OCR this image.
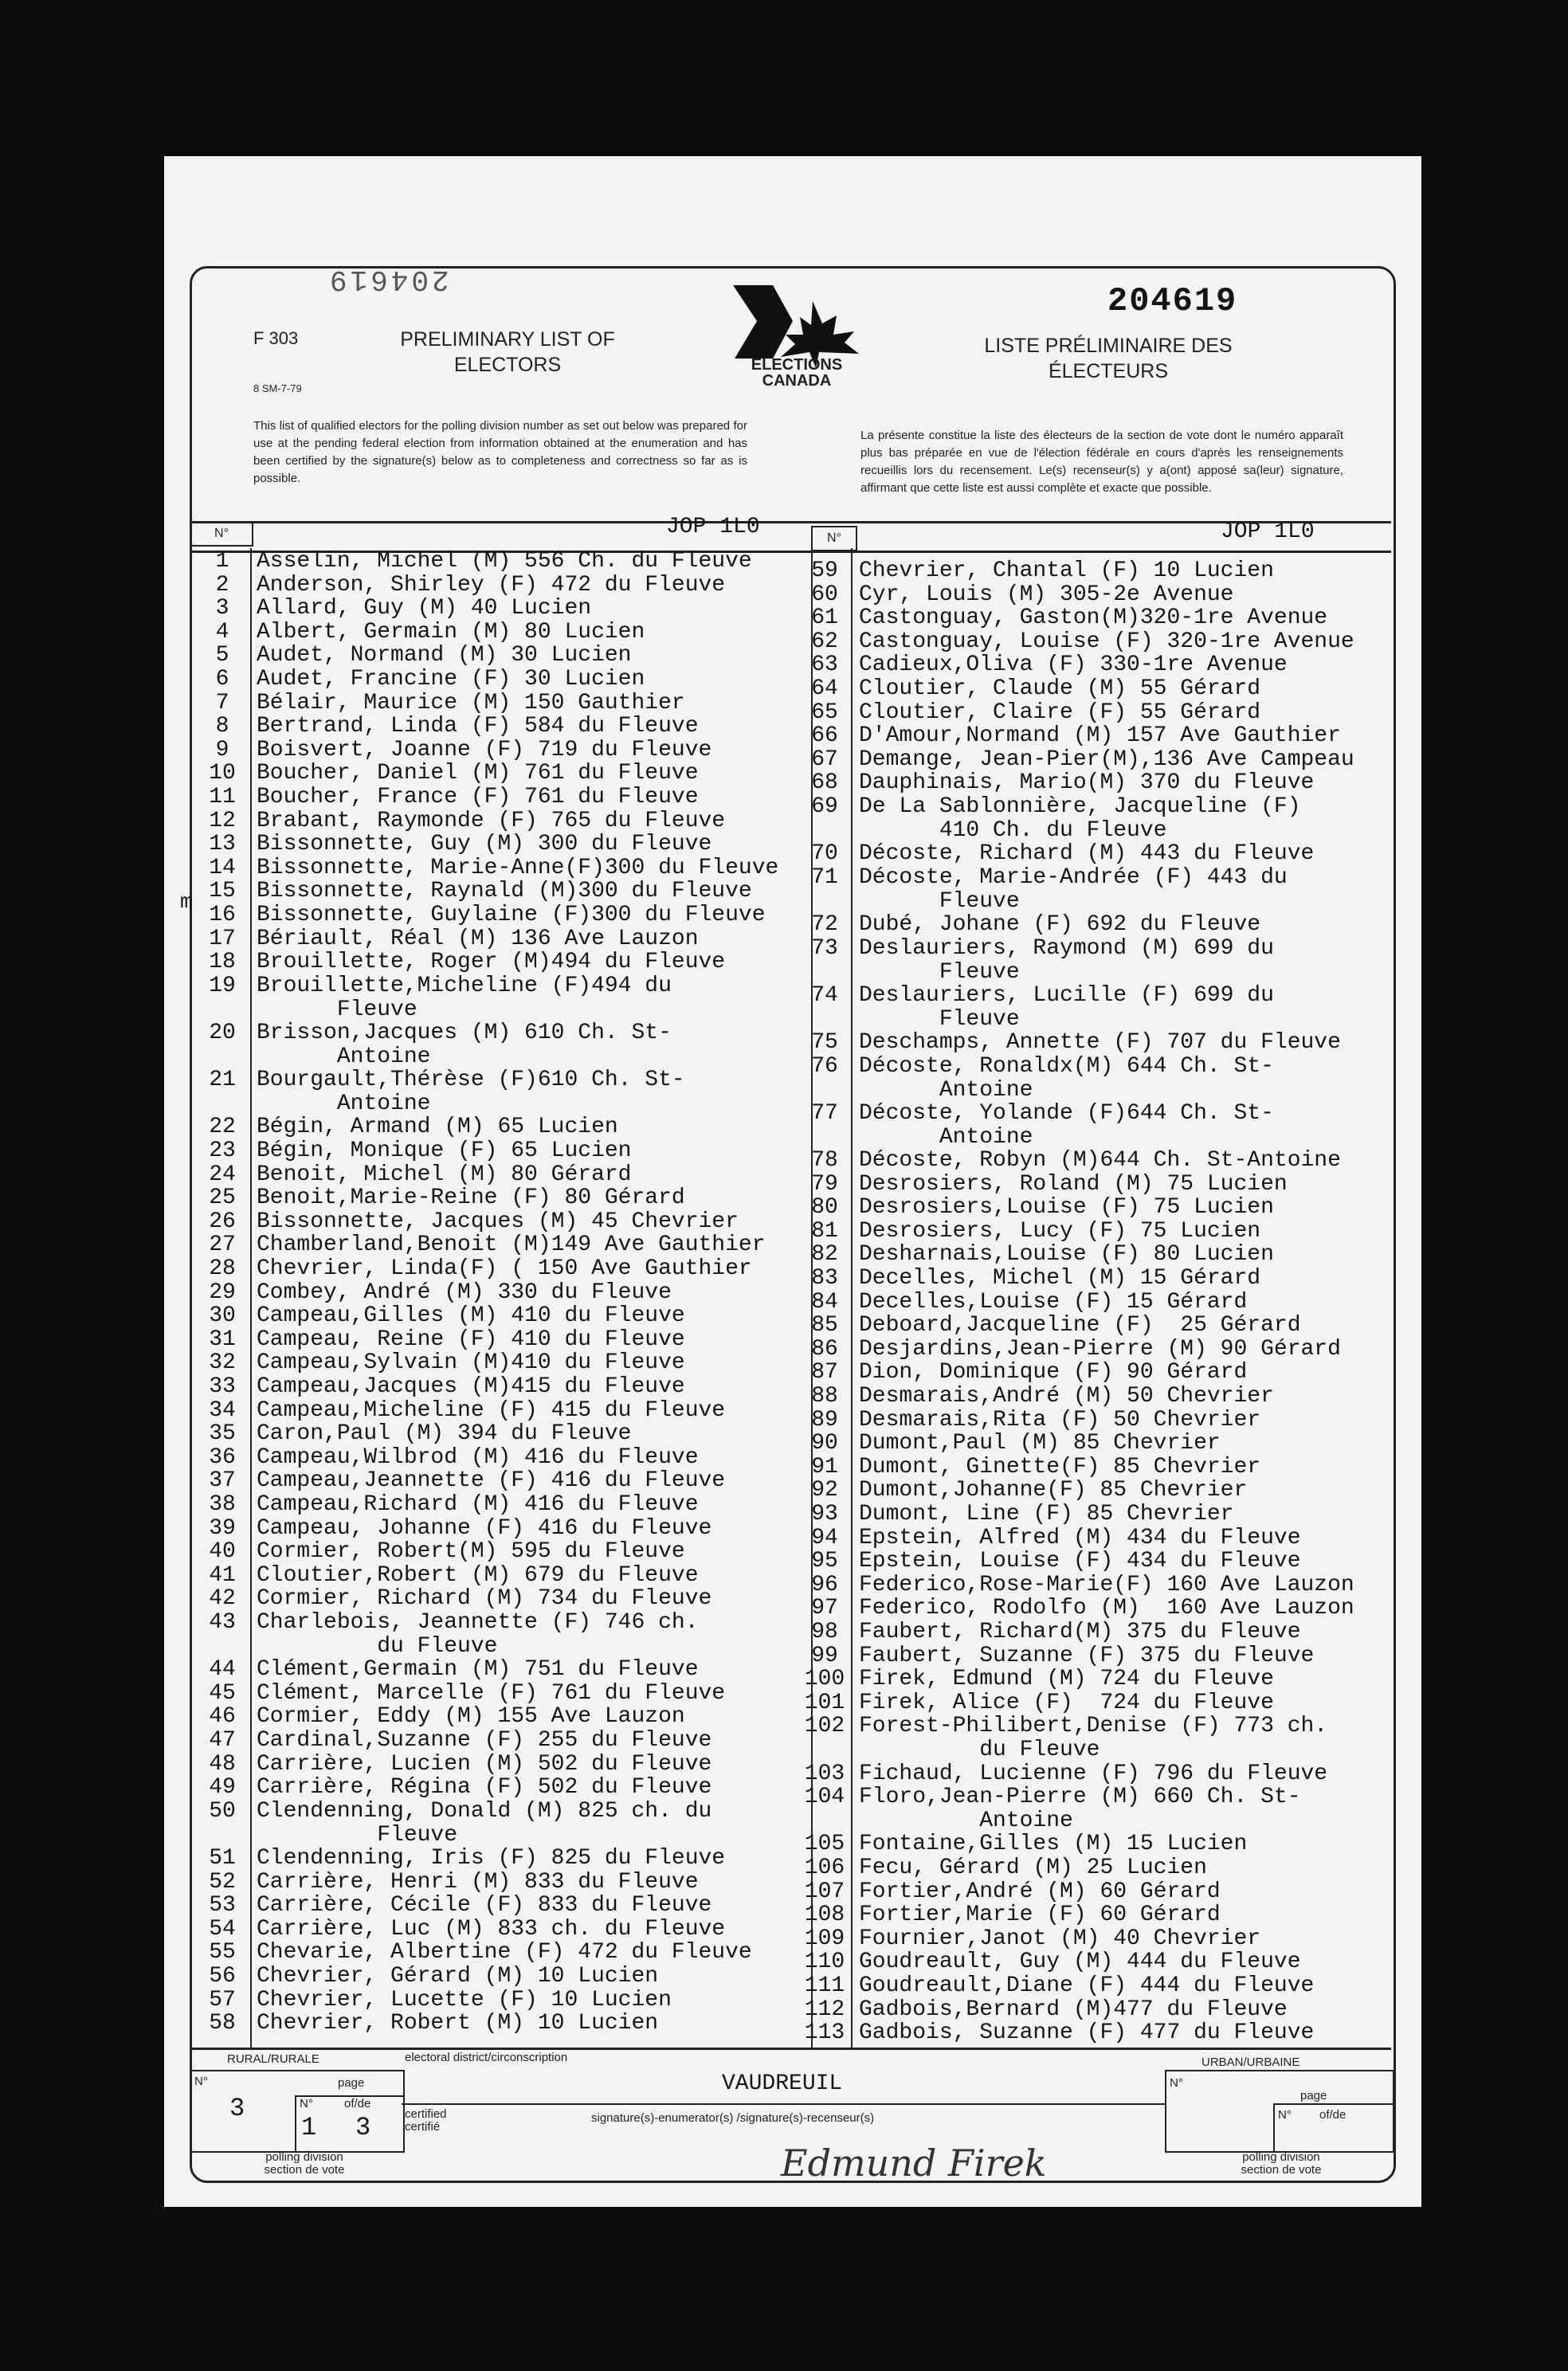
204619
204619
F 303
8 SM-7-79
PRELIMINARY LIST OF ELECTORS
LISTE PRÉLIMINAIRE DES ÉLECTEURS
ELECTIONS CANADA
This list of qualified electors for the polling division number as set out below was prepared for use at the pending federal election from information obtained at the enumeration and has been certified by the signature(s) below as to completeness and correctness so far as is possible.
La présente constitue la liste des électeurs de la section de vote dont le numéro apparaît plus bas préparée en vue de l'élection fédérale en cours d'après les renseignements recueillis lors du recensement. Le(s) recenseur(s) y a(ont) apposé sa(leur) signature, affirmant que cette liste est aussi complète et exacte que possible.
N°	N°
JOP 1L0	JOP 1L0
m
1	Asselin, Michel (M) 556 Ch. du Fleuve
2	Anderson, Shirley (F) 472 du Fleuve
3	Allard, Guy (M) 40 Lucien
4	Albert, Germain (M) 80 Lucien
5	Audet, Normand (M) 30 Lucien
6	Audet, Francine (F) 30 Lucien
7	Bélair, Maurice (M) 150 Gauthier
8	Bertrand, Linda (F) 584 du Fleuve
9	Boisvert, Joanne (F) 719 du Fleuve
10 Boucher, Daniel (M) 761 du Fleuve
11 Boucher, France (F) 761 du Fleuve
12 Brabant, Raymonde (F) 765 du Fleuve
13 Bissonnette, Guy (M) 300 du Fleuve
14 Bissonnette, Marie-Anne(F)300 du Fleuve
15 Bissonnette, Raynald (M)300 du Fleuve
16 Bissonnette, Guylaine (F)300 du Fleuve
17 Bériault, Réal (M) 136 Ave Lauzon
18 Brouillette, Roger (M)494 du Fleuve
19 Brouillette,Micheline (F)494 du
Fleuve
20 Brisson,Jacques (M) 610 Ch. St-
Antoine
21 Bourgault,Thérèse (F)610 Ch. St-
Antoine
22 Bégin, Armand (M) 65 Lucien
23 Bégin, Monique (F) 65 Lucien
24 Benoit, Michel (M) 80 Gérard
25 Benoit,Marie-Reine (F) 80 Gérard
26 Bissonnette, Jacques (M) 45 Chevrier
27 Chamberland,Benoit (M)149 Ave Gauthier
28 Chevrier, Linda(F) ( 150 Ave Gauthier
29 Combey, André (M) 330 du Fleuve
30 Campeau,Gilles (M) 410 du Fleuve
31 Campeau, Reine (F) 410 du Fleuve
32 Campeau,Sylvain (M)410 du Fleuve
33 Campeau,Jacques (M)415 du Fleuve
34 Campeau,Micheline (F) 415 du Fleuve
35 Caron,Paul (M) 394 du Fleuve
36 Campeau,Wilbrod (M) 416 du Fleuve
37 Campeau,Jeannette (F) 416 du Fleuve
38 Campeau,Richard (M) 416 du Fleuve
39 Campeau, Johanne (F) 416 du Fleuve
40 Cormier, Robert(M) 595 du Fleuve
41 Cloutier,Robert (M) 679 du Fleuve
42 Cormier, Richard (M) 734 du Fleuve
43 Charlebois, Jeannette (F) 746 ch.
du Fleuve
44 Clément,Germain (M) 751 du Fleuve
45 Clément, Marcelle (F) 761 du Fleuve
46 Cormier, Eddy (M) 155 Ave Lauzon
47 Cardinal,Suzanne (F) 255 du Fleuve
48 Carrière, Lucien (M) 502 du Fleuve
49 Carrière, Régina (F) 502 du Fleuve
50 Clendenning, Donald (M) 825 ch. du
Fleuve
51 Clendenning, Iris (F) 825 du Fleuve
52 Carrière, Henri (M) 833 du Fleuve
53 Carrière, Cécile (F) 833 du Fleuve
54 Carrière, Luc (M) 833 ch. du Fleuve
55 Chevarie, Albertine (F) 472 du Fleuve
56 Chevrier, Gérard (M) 10 Lucien
57 Chevrier, Lucette (F) 10 Lucien
58 Chevrier, Robert (M) 10 Lucien
59 Chevrier, Chantal (F) 10 Lucien
60 Cyr, Louis (M) 305-2e Avenue
61 Castonguay, Gaston(M)320-1re Avenue
62 Castonguay, Louise (F) 320-1re Avenue
63 Cadieux,Oliva (F) 330-1re Avenue
64 Cloutier, Claude (M) 55 Gérard
65 Cloutier, Claire (F) 55 Gérard
66 D'Amour,Normand (M) 157 Ave Gauthier
67 Demange, Jean-Pier(M),136 Ave Campeau
68 Dauphinais, Mario(M) 370 du Fleuve
69 De La Sablonnière, Jacqueline (F)
410 Ch. du Fleuve
70 Décoste, Richard (M) 443 du Fleuve
71 Décoste, Marie-Andrée (F) 443 du
Fleuve
72 Dubé, Johane (F) 692 du Fleuve
73 Deslauriers, Raymond (M) 699 du
Fleuve
74 Deslauriers, Lucille (F) 699 du
Fleuve
75 Deschamps, Annette (F) 707 du Fleuve
76 Décoste, Ronaldx(M) 644 Ch. St-
Antoine
77 Décoste, Yolande (F)644 Ch. St-
Antoine
78 Décoste, Robyn (M)644 Ch. St-Antoine
79 Desrosiers, Roland (M) 75 Lucien
80 Desrosiers,Louise (F) 75 Lucien
81 Desrosiers, Lucy (F) 75 Lucien
82 Desharnais,Louise (F) 80 Lucien
83 Decelles, Michel (M) 15 Gérard
84 Decelles,Louise (F) 15 Gérard
85 Deboard,Jacqueline (F)  25 Gérard
86 Desjardins,Jean-Pierre (M) 90 Gérard
87 Dion, Dominique (F) 90 Gérard
88 Desmarais,André (M) 50 Chevrier
89 Desmarais,Rita (F) 50 Chevrier
90 Dumont,Paul (M) 85 Chevrier
91 Dumont, Ginette(F) 85 Chevrier
92 Dumont,Johanne(F) 85 Chevrier
93 Dumont, Line (F) 85 Chevrier
94 Epstein, Alfred (M) 434 du Fleuve
95 Epstein, Louise (F) 434 du Fleuve
96 Federico,Rose-Marie(F) 160 Ave Lauzon
97 Federico, Rodolfo (M)  160 Ave Lauzon
98 Faubert, Richard(M) 375 du Fleuve
99 Faubert, Suzanne (F) 375 du Fleuve
100 Firek, Edmund (M) 724 du Fleuve
101 Firek, Alice (F)  724 du Fleuve
102 Forest-Philibert,Denise (F) 773 ch.
du Fleuve
103 Fichaud, Lucienne (F) 796 du Fleuve
104 Floro,Jean-Pierre (M) 660 Ch. St-
Antoine
105 Fontaine,Gilles (M) 15 Lucien
106 Fecu, Gérard (M) 25 Lucien
107 Fortier,André (M) 60 Gérard
108 Fortier,Marie (F) 60 Gérard
109 Fournier,Janot (M) 40 Chevrier
110 Goudreault, Guy (M) 444 du Fleuve
111 Goudreault,Diane (F) 444 du Fleuve
112 Gadbois,Bernard (M)477 du Fleuve
113 Gadbois, Suzanne (F) 477 du Fleuve
RURAL/RURALE
N°	page
3	N°	of/de
1 3
polling division
section de vote
electoral district/circonscription
VAUDREUIL
certified
certifié
signature(s)-enumerator(s) /signature(s)-recenseur(s)
Edmund Firek
URBAN/URBAINE
N°
page
N° of/de
polling division
section de vote
